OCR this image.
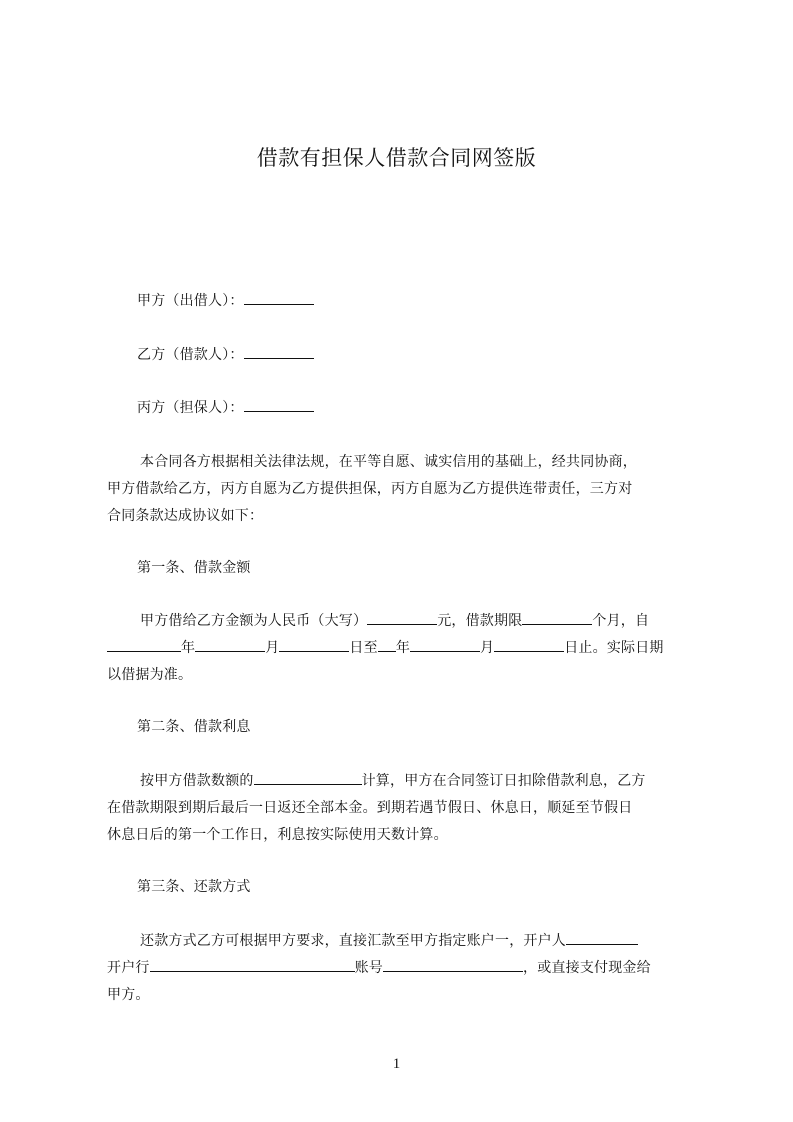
借款有担保人借款合同网签版
甲方（出借人）：
乙方（借款人）：
丙方（担保人）：
本合同各方根据相关法律法规，在平等自愿、诚实信用的基础上，经共同协商，
甲方借款给乙方，丙方自愿为乙方提供担保，丙方自愿为乙方提供连带责任，三方对
合同条款达成协议如下：
第一条、借款金额
甲方借给乙方金额为人民币（大写）	元，借款期限	个月，自
年	月	日至 年	月	日止。实际日期
以借据为准。
第二条、借款利息
按甲方借款数额的	计算，甲方在合同签订日扣除借款利息，乙方
在借款期限到期后最后一日返还全部本金。到期若遇节假日、休息日，顺延至节假日
休息日后的第一个工作日，利息按实际使用天数计算。
第三条、还款方式
还款方式乙方可根据甲方要求，直接汇款至甲方指定账户一，开户人
开户行	账号	，或直接支付现金给
甲方。
1
